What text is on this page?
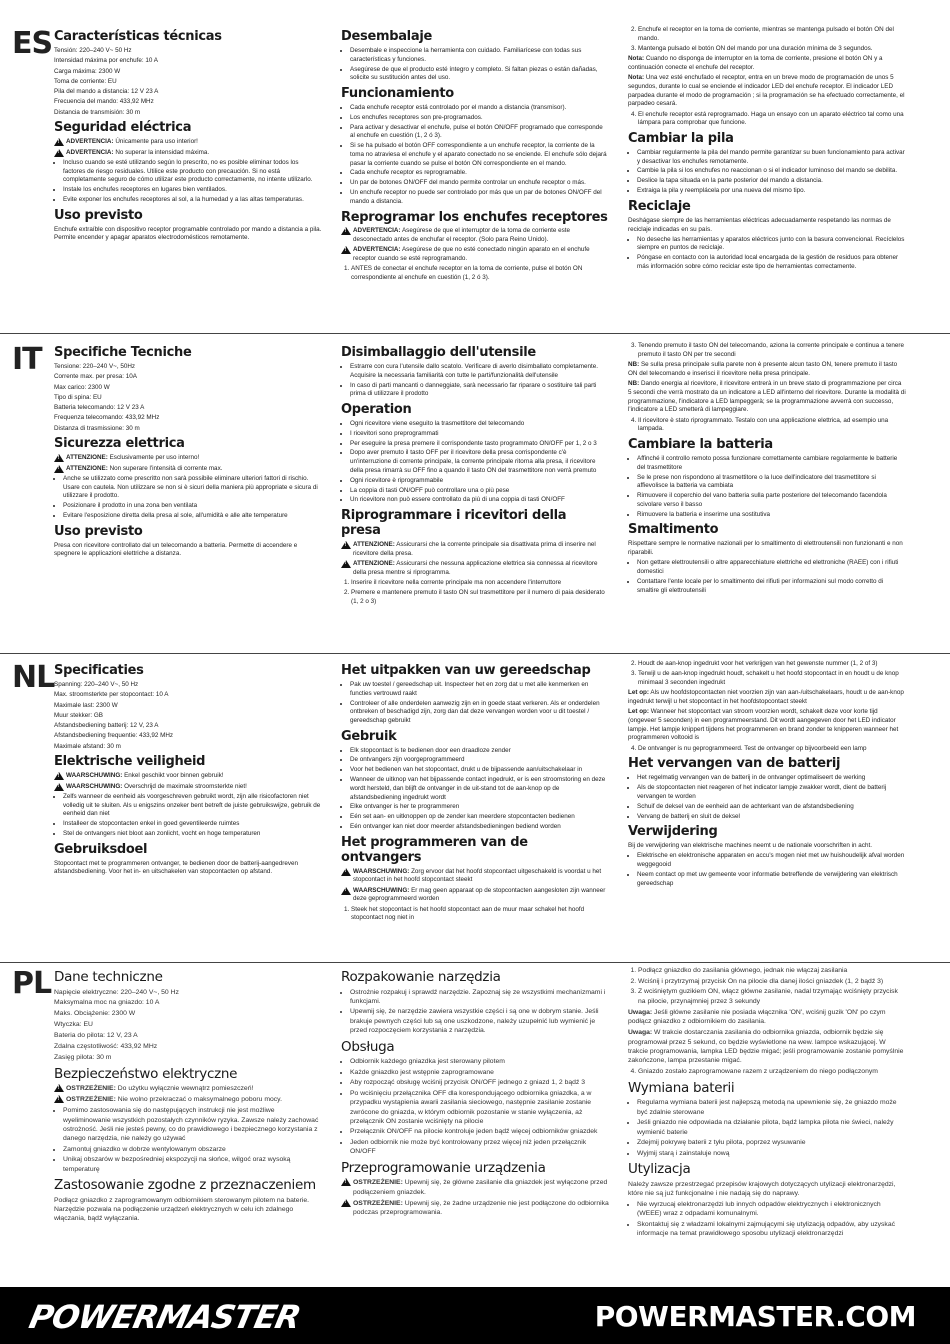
ES Características técnicas

Tensión: 220–240 V~ 50 Hz

Intensidad máxima por enchufe: 10 A

Carga máxima: 2300 W

Toma de corriente: EU

Pila del mando a distancia: 12 V 23 A

Frecuencia del mando: 433,92 MHz

Distancia de transmisión: 30 m

Seguridad eléctrica

!
ADVERTENCIA: Únicamente para uso interior!

!
ADVERTENCIA: No superar la intensidad máxima.

• Incluso cuando se esté utilizando según lo prescrito, no es posible eliminar todos los factores de riesgo residuales. Utilice este producto con precaución. Si no está completamente seguro de cómo utilizar este producto correctamente, no intente utilizarlo.
• Instale los enchufes receptores en lugares bien ventilados.
• Evite exponer los enchufes receptores al sol, a la humedad y a las altas temperaturas.
Uso previsto

Enchufe extraíble con dispositivo receptor programable controlado por mando a distancia a pila. Permite encender y apagar aparatos electrodomésticos remotamente.

Desembalaje
• Desembale e inspeccione la herramienta con cuidado. Familiarícese con todas sus características y funciones.
• Asegúrese de que el producto esté íntegro y completo. Si faltan piezas o están dañadas, solicite su sustitución antes del uso.
Funcionamiento
• Cada enchufe receptor está controlado por el mando a distancia (transmisor).
• Los enchufes receptores son pre-programados.
• Para activar y desactivar el enchufe, pulse el botón ON/OFF programado que corresponde al enchufe en cuestión (1, 2 ó 3).
• Si se ha pulsado el botón OFF correspondiente a un enchufe receptor, la corriente de la toma no atraviesa el enchufe y el aparato conectado no se enciende. El enchufe sólo dejará pasar la corriente cuando se pulse el botón ON correspondiente en el mando.
• Cada enchufe receptor es reprogramable.
• Un par de botones ON/OFF del mando permite controlar un enchufe receptor o más.
• Un enchufe receptor no puede ser controlado por más que un par de botones ON/OFF del mando a distancia.
Reprogramar los enchufes receptores

!
ADVERTENCIA: Asegúrese de que el interruptor de la toma de corriente este desconectado antes de enchufar el receptor. (Solo para Reino Unido).

!
ADVERTENCIA: Asegúrese de que no esté conectado ningún aparato en el enchufe receptor cuando se esté reprogramando.

1. ANTES de conectar el enchufe receptor en la toma de corriente, pulse el botón ON correspondiente al enchufe en cuestión (1, 2 ó 3).
2. Enchufe el receptor en la toma de corriente, mientras se mantenga pulsado el botón ON del mando.
3. Mantenga pulsado el botón ON del mando por una duración mínima de 3 segundos.

Nota: Cuando no disponga de interruptor en la toma de corriente, presione el botón ON y a continuación conecte el enchufe del receptor.

Nota: Una vez esté enchufado el receptor, entra en un breve modo de programación de unos 5 segundos, durante lo cual se enciende el indicador LED del enchufe receptor. El indicador LED parpadea durante el modo de programación ; si la programación se ha efectuado correctamente, el parpadeo cesará.

4. El enchufe receptor está reprogramado. Haga un ensayo con un aparato eléctrico tal como una lámpara para comprobar que funcione.
Cambiar la pila
• Cambiar regularmente la pila del mando permite garantizar su buen funcionamiento para activar y desactivar los enchufes remotamente.
• Cambie la pila si los enchufes no reaccionan o si el indicador luminoso del mando se debilita.
• Deslice la tapa situada en la parte posterior del mando a distancia.
• Extraiga la pila y reemplácela por una nueva del mismo tipo.
Reciclaje

Deshágase siempre de las herramientas eléctricas adecuadamente respetando las normas de reciclaje indicadas en su país.

• No deseche las herramientas y aparatos eléctricos junto con la basura convencional. Recíclelos siempre en puntos de reciclaje.
• Póngase en contacto con la autoridad local encargada de la gestión de residuos para obtener más información sobre cómo reciclar este tipo de herramientas correctamente.
IT Specifiche Tecniche

Tensione: 220–240 V~, 50Hz

Corrente max. per presa: 10A

Max carico: 2300 W

Tipo di spina: EU

Batteria telecomando: 12 V 23 A

Frequenza telecomando: 433,92 MHz

Distanza di trasmissione: 30 m

Sicurezza elettrica

!
ATTENZIONE: Esclusivamente per uso interno!

!
ATTENZIONE: Non superare l'intensità di corrente max.

• Anche se utilizzato come prescritto non sarà possibile eliminare ulteriori fattori di rischio. Usare con cautela. Non utilizzare se non si è sicuri della maniera più appropriate e sicura di utilizzare il prodotto.
• Posizionare il prodotto in una zona ben ventilata
• Evitare l'esposizione diretta della presa al sole, all'umidità e alle alte temperature
Uso previsto

Presa con ricevitore controllato dal un telecomando a batteria. Permette di accendere e spegnere le applicazioni elettriche a distanza.

Disimballaggio dell'utensile
• Estrarre con cura l'utensile dallo scatolo. Verificare di averlo disimballato completamente. Acquisire la necessaria familiarità con tutte le parti/funzionalità dell'utensile
• In caso di parti mancanti o danneggiate, sarà necessario far riparare o sostituire tali parti prima di utilizzare il prodotto
Operation
• Ogni ricevitore viene eseguito la trasmettitore del telecomando
• I ricevitori sono preprogrammati
• Per eseguire la presa premere il corrispondente tasto programmato ON/OFF per 1, 2 o 3
• Dopo aver premuto il tasto OFF per il ricevitore della presa corrispondente c'è un'interruzione di corrente principale, la corrente principale ritorna alla presa, il ricevitore della presa rimarrà su OFF fino a quando il tasto ON del trasmettitore non verrà premuto
• Ogni ricevitore è riprogrammabile
• La coppia di tasti ON/OFF può controllare una o più pese
• Un ricevitore non può essere controllato da più di una coppia di tasti ON/OFF
Riprogrammare i ricevitori della presa

!
ATTENZIONE: Assicurarsi che la corrente principale sia disattivata prima di inserire nel ricevitore della presa.

!
ATTENZIONE: Assicurarsi che nessuna applicazione elettrica sia connessa al ricevitore della presa mentre si riprogramma.

1. Inserire il ricevitore nella corrente principale ma non accendere l'interruttore
2. Premere e mantenere premuto il tasto ON sul trasmettitore per il numero di paia desiderato (1, 2 o 3)
3. Tenendo premuto il tasto ON del telecomando, aziona la corrente principale e continua a tenere premuto il tasto ON per tre secondi

NB: Se sulla presa principale sulla parete non è presente alcun tasto ON, tenere premuto il tasto ON del telecomando e inserisci il ricevitore nella presa principale.

NB: Dando energia al ricevitore, il ricevitore entrerà in un breve stato di programmazione per circa 5 secondi che verrà mostrato da un indicatore a LED all'interno del ricevitore. Durante la modalità di programmazione, l'indicatore a LED lampeggerà; se la programmazione avverrà con successo, l'indicatore a LED smetterà di lampeggiare.

4. Il ricevitore è stato riprogrammato. Testalo con una applicazione elettrica, ad esempio una lampada.
Cambiare la batteria
• Affinché il controllo remoto possa funzionare correttamente cambiare regolarmente le batterie del trasmettitore
• Se le prese non rispondono al trasmettitore o la luce dell'indicatore del trasmettitore si affievolisce la batteria va cambiata
• Rimuovere il coperchio del vano batteria sulla parte posteriore del telecomando facendola scivolare verso il basso
• Rimuovere la batteria e inserirne una sostitutiva
Smaltimento

Rispettare sempre le normative nazionali per lo smaltimento di elettroutensili non funzionanti e non riparabili.

• Non gettare elettroutensili o altre apparecchiature elettriche ed elettroniche (RAEE) con i rifiuti domestici
• Contattare l'ente locale per lo smaltimento dei rifiuti per informazioni sul modo corretto di smaltire gli elettroutensili
NL Specificaties

Spanning: 220–240 V~, 50 Hz

Max. stroomsterkte per stopcontact: 10 A

Maximale last: 2300 W

Muur stekker: GB

Afstandsbediening batterij: 12 V, 23 A

Afstandsbediening frequentie: 433,92 MHz

Maximale afstand: 30 m

Elektrische veiligheid

!
WAARSCHUWING: Enkel geschikt voor binnen gebruik!

!
WAARSCHUWING: Overschrijd de maximale stroomsterkte niet!

• Zelfs wanneer de eenheid als voorgeschreven gebruikt wordt, zijn alle risicofactoren niet volledig uit te sluiten. Als u enigszins onzeker bent betreft de juiste gebruikswijze, gebruik de eenheid dan niet
• Installeer de stopcontacten enkel in goed geventileerde ruimtes
• Stel de ontvangers niet bloot aan zonlicht, vocht en hoge temperaturen
Gebruiksdoel

Stopcontact met te programmeren ontvanger, te bedienen door de batterij-aangedreven afstandsbediening. Voor het in- en uitschakelen van stopcontacten op afstand.

Het uitpakken van uw gereedschap
• Pak uw toestel / gereedschap uit. Inspecteer het en zorg dat u met alle kenmerken en functies vertrouwd raakt
• Controleer of alle onderdelen aanwezig zijn en in goede staat verkeren. Als er onderdelen ontbreken of beschadigd zijn, zorg dan dat deze vervangen worden voor u dit toestel / gereedschap gebruikt
Gebruik
• Elk stopcontact is te bedienen door een draadloze zender
• De ontvangers zijn voorgeprogrammeerd
• Voor het bedienen van het stopcontact, drukt u de bijpassende aan/uitschakelaar in
• Wanneer de uitknop van het bijpassende contact ingedrukt, er is een stroomstoring en deze wordt hersteld, dan blijft de ontvanger in de uit-stand tot de aan-knop op de afstandsbediening ingedrukt wordt
• Elke ontvanger is her te programmeren
• Eén set aan- en uitknoppen op de zender kan meerdere stopcontacten bedienen
• Eén ontvanger kan niet door meerder afstandsbedieningen bediend worden
Het programmeren van de ontvangers

!
WAARSCHUWING: Zorg ervoor dat het hoofd stopcontact uitgeschakeld is voordat u het stopcontact in het hoofd stopcontact steekt

!
WAARSCHUWING: Er mag geen apparaat op de stopcontacten aangesloten zijn wanneer deze geprogrammeerd worden

1. Steek het stopcontact is het hoofd stopcontact aan de muur maar schakel het hoofd stopcontact nog niet in
2. Houdt de aan-knop ingedrukt voor het verkrijgen van het gewenste nummer (1, 2 of 3)
3. Terwijl u de aan-knop ingedrukt houdt, schakelt u het hoofd stopcontact in en houdt u de knop minimaal 3 seconden ingedrukt

Let op: Als uw hoofdstopcontacten niet voorzien zijn van aan-/uitschakelaars, houdt u de aan-knop ingedrukt terwijl u het stopcontact in het hoofdstopcontact steekt

Let op: Wanneer het stopcontact van stroom voorzien wordt, schakelt deze voor korte tijd (ongeveer 5 seconden) in een programmeerstand. Dit wordt aangegeven door het LED indicator lampje. Het lampje knippert tijdens het programmeren en brand zonder te knipperen wanneer het programmeren voltooid is

4. De ontvanger is nu geprogrammeerd. Test de ontvanger op bijvoorbeeld een lamp
Het vervangen van de batterij
• Het regelmatig vervangen van de batterij in de ontvanger optimaliseert de werking
• Als de stopcontacten niet reageren of het indicator lampje zwakker wordt, dient de batterij vervangen te worden
• Schuif de deksel van de eenheid aan de achterkant van de afstandsbediening
• Vervang de batterij en sluit de deksel
Verwijdering

Bij de verwijdering van elektrische machines neemt u de nationale voorschriften in acht.

• Elektrische en elektronische apparaten en accu's mogen niet met uw huishoudelijk afval worden weggegooid
• Neem contact op met uw gemeente voor informatie betreffende de verwijdering van elektrisch gereedschap
PL Dane techniczne

Napięcie elektryczne: 220–240 V~, 50 Hz

Maksymalna moc na gniazdo: 10 A

Maks. Obciążenie: 2300 W

Wtyczka: EU

Bateria do pilota: 12 V, 23 A

Zdalna częstotliwość: 433,92 MHz

Zasięg pilota: 30 m

Bezpieczeństwo elektryczne

!
OSTRZEŻENIE: Do użytku wyłącznie wewnątrz pomieszczeń!

!
OSTRZEŻENIE: Nie wolno przekraczać o maksymalnego poboru mocy.

• Pomimo zastosowania się do następujących instrukcji nie jest możliwe wyeliminowanie wszystkich pozostałych czynników ryzyka. Zawsze należy zachować ostrożność. Jeśli nie jesteś pewny, co do prawidłowego i bezpiecznego korzystania z danego narzędzia, nie należy go używać
• Zamontuj gniazdko w dobrze wentylowanym obszarze
• Unikaj obszarów w bezpośredniej ekspozycji na słońce, wilgoć oraz wysoką temperaturę
Zastosowanie zgodne z przeznaczeniem

Podłącz gniazdko z zaprogramowanym odbiornikiem sterowanym pilotem na baterie. Narzędzie pozwala na podłączenie urządzeń elektrycznych w celu ich zdalnego włączania, bądź wyłączania.

Rozpakowanie narzędzia
• Ostrożnie rozpakuj i sprawdź narzędzie. Zapoznaj się ze wszystkimi mechanizmami i funkcjami.
• Upewnij się, że narzędzie zawiera wszystkie części i są one w dobrym stanie. Jeśli brakuje pewnych części lub są one uszkodzone, należy uzupełnić lub wymienić je przed rozpoczęciem korzystania z narzędzia.
Obsługa
• Odbiornik każdego gniazdka jest sterowany pilotem
• Każde gniazdko jest wstępnie zaprogramowane
• Aby rozpocząć obsługę wciśnij przycisk ON/OFF jednego z gniazd 1, 2 bądź 3
• Po wciśnięciu przełącznika OFF dla korespondującego odbiornika gniazdka, a w przypadku wystąpienia awarii zasilania sieciowego, następnie zasilanie zostanie zwrócone do gniazda, w którym odbiornik pozostanie w stanie wyłączenia, aż przełącznik ON zostanie wciśnięty na pilocie
• Przełącznik ON/OFF na pilocie kontroluje jeden bądź więcej odbiorników gniazdek
• Jeden odbiornik nie może być kontrolowany przez więcej niż jeden przełącznik ON/OFF
Przeprogramowanie urządzenia

!
OSTRZEŻENIE: Upewnij się, że główne zasilanie dla gniazdek jest wyłączone przed podłączeniem gniazdek.

!
OSTRZEŻENIE: Upewnij się, że żadne urządzenie nie jest podłączone do odbiornika podczas przeprogramowania.

1. Podłącz gniazdko do zasilania głównego, jednak nie włączaj zasilania
2. Wciśnij i przytrzymaj przycisk On na pilocie dla danej ilości gniazdek (1, 2 bądź 3)
3. Z wciśniętym guzikiem ON, włącz główne zasilanie, nadal trzymając wciśnięty przycisk na pilocie, przynajmniej przez 3 sekundy

Uwaga: Jeśli główne zasilanie nie posiada włącznika 'ON', wciśnij guzik 'ON' po czym podłącz gniazdko z odbiornikiem do zasilania.

Uwaga: W trakcie dostarczania zasilania do odbiornika gniazda, odbiornik będzie się programował przez 5 sekund, co będzie wyświetlone na wew. lampce wskazującej. W trakcie programowania, lampka LED będzie migać; jeśli programowanie zostanie pomyślnie zakończone, lampa przestanie migać.

4. Gniazdo zostało zaprogramowane razem z urządzeniem do niego podłączonym
Wymiana baterii
• Regularna wymiana baterii jest najlepszą metodą na upewnienie się, że gniazdo może być zdalnie sterowane
• Jeśli gniazdo nie odpowiada na działanie pilota, bądź lampka pilota nie świeci, należy wymienić baterie
• Zdejmij pokrywę baterii z tyłu pilota, poprzez wysuwanie
• Wyjmij starą i zainstaluje nową
Utylizacja

Należy zawsze przestrzegać przepisów krajowych dotyczących utylizacji elektronarzędzi, które nie są już funkcjonalne i nie nadają się do naprawy.

• Nie wyrzucaj elektronarzędzi lub innych odpadów elektrycznych i elektronicznych (WEEE) wraz z odpadami komunalnymi.
• Skontaktuj się z władzami lokalnymi zajmującymi się utylizacją odpadów, aby uzyskać informacje na temat prawidłowego sposobu utylizacji elektronarzędzi
POWERMASTER	POWERMASTER.COM
